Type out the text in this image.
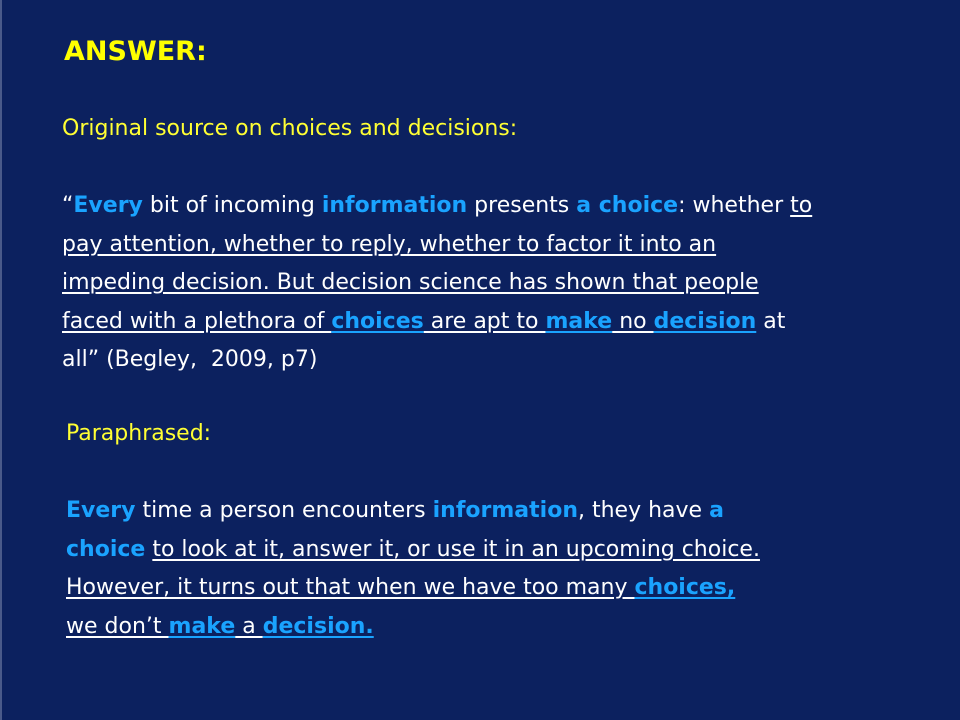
ANSWER:
Original source on choices and decisions:
“Every bit of incoming information presents a choice: whether to
pay attention, whether to reply, whether to factor it into an
impeding decision. But decision science has shown that people
faced with a plethora of choices are apt to make no decision at
all” (Begley,  2009, p7)
Paraphrased:
Every time a person encounters information, they have a
choice to look at it, answer it, or use it in an upcoming choice.
However, it turns out that when we have too many choices,
we don’t make a decision.
